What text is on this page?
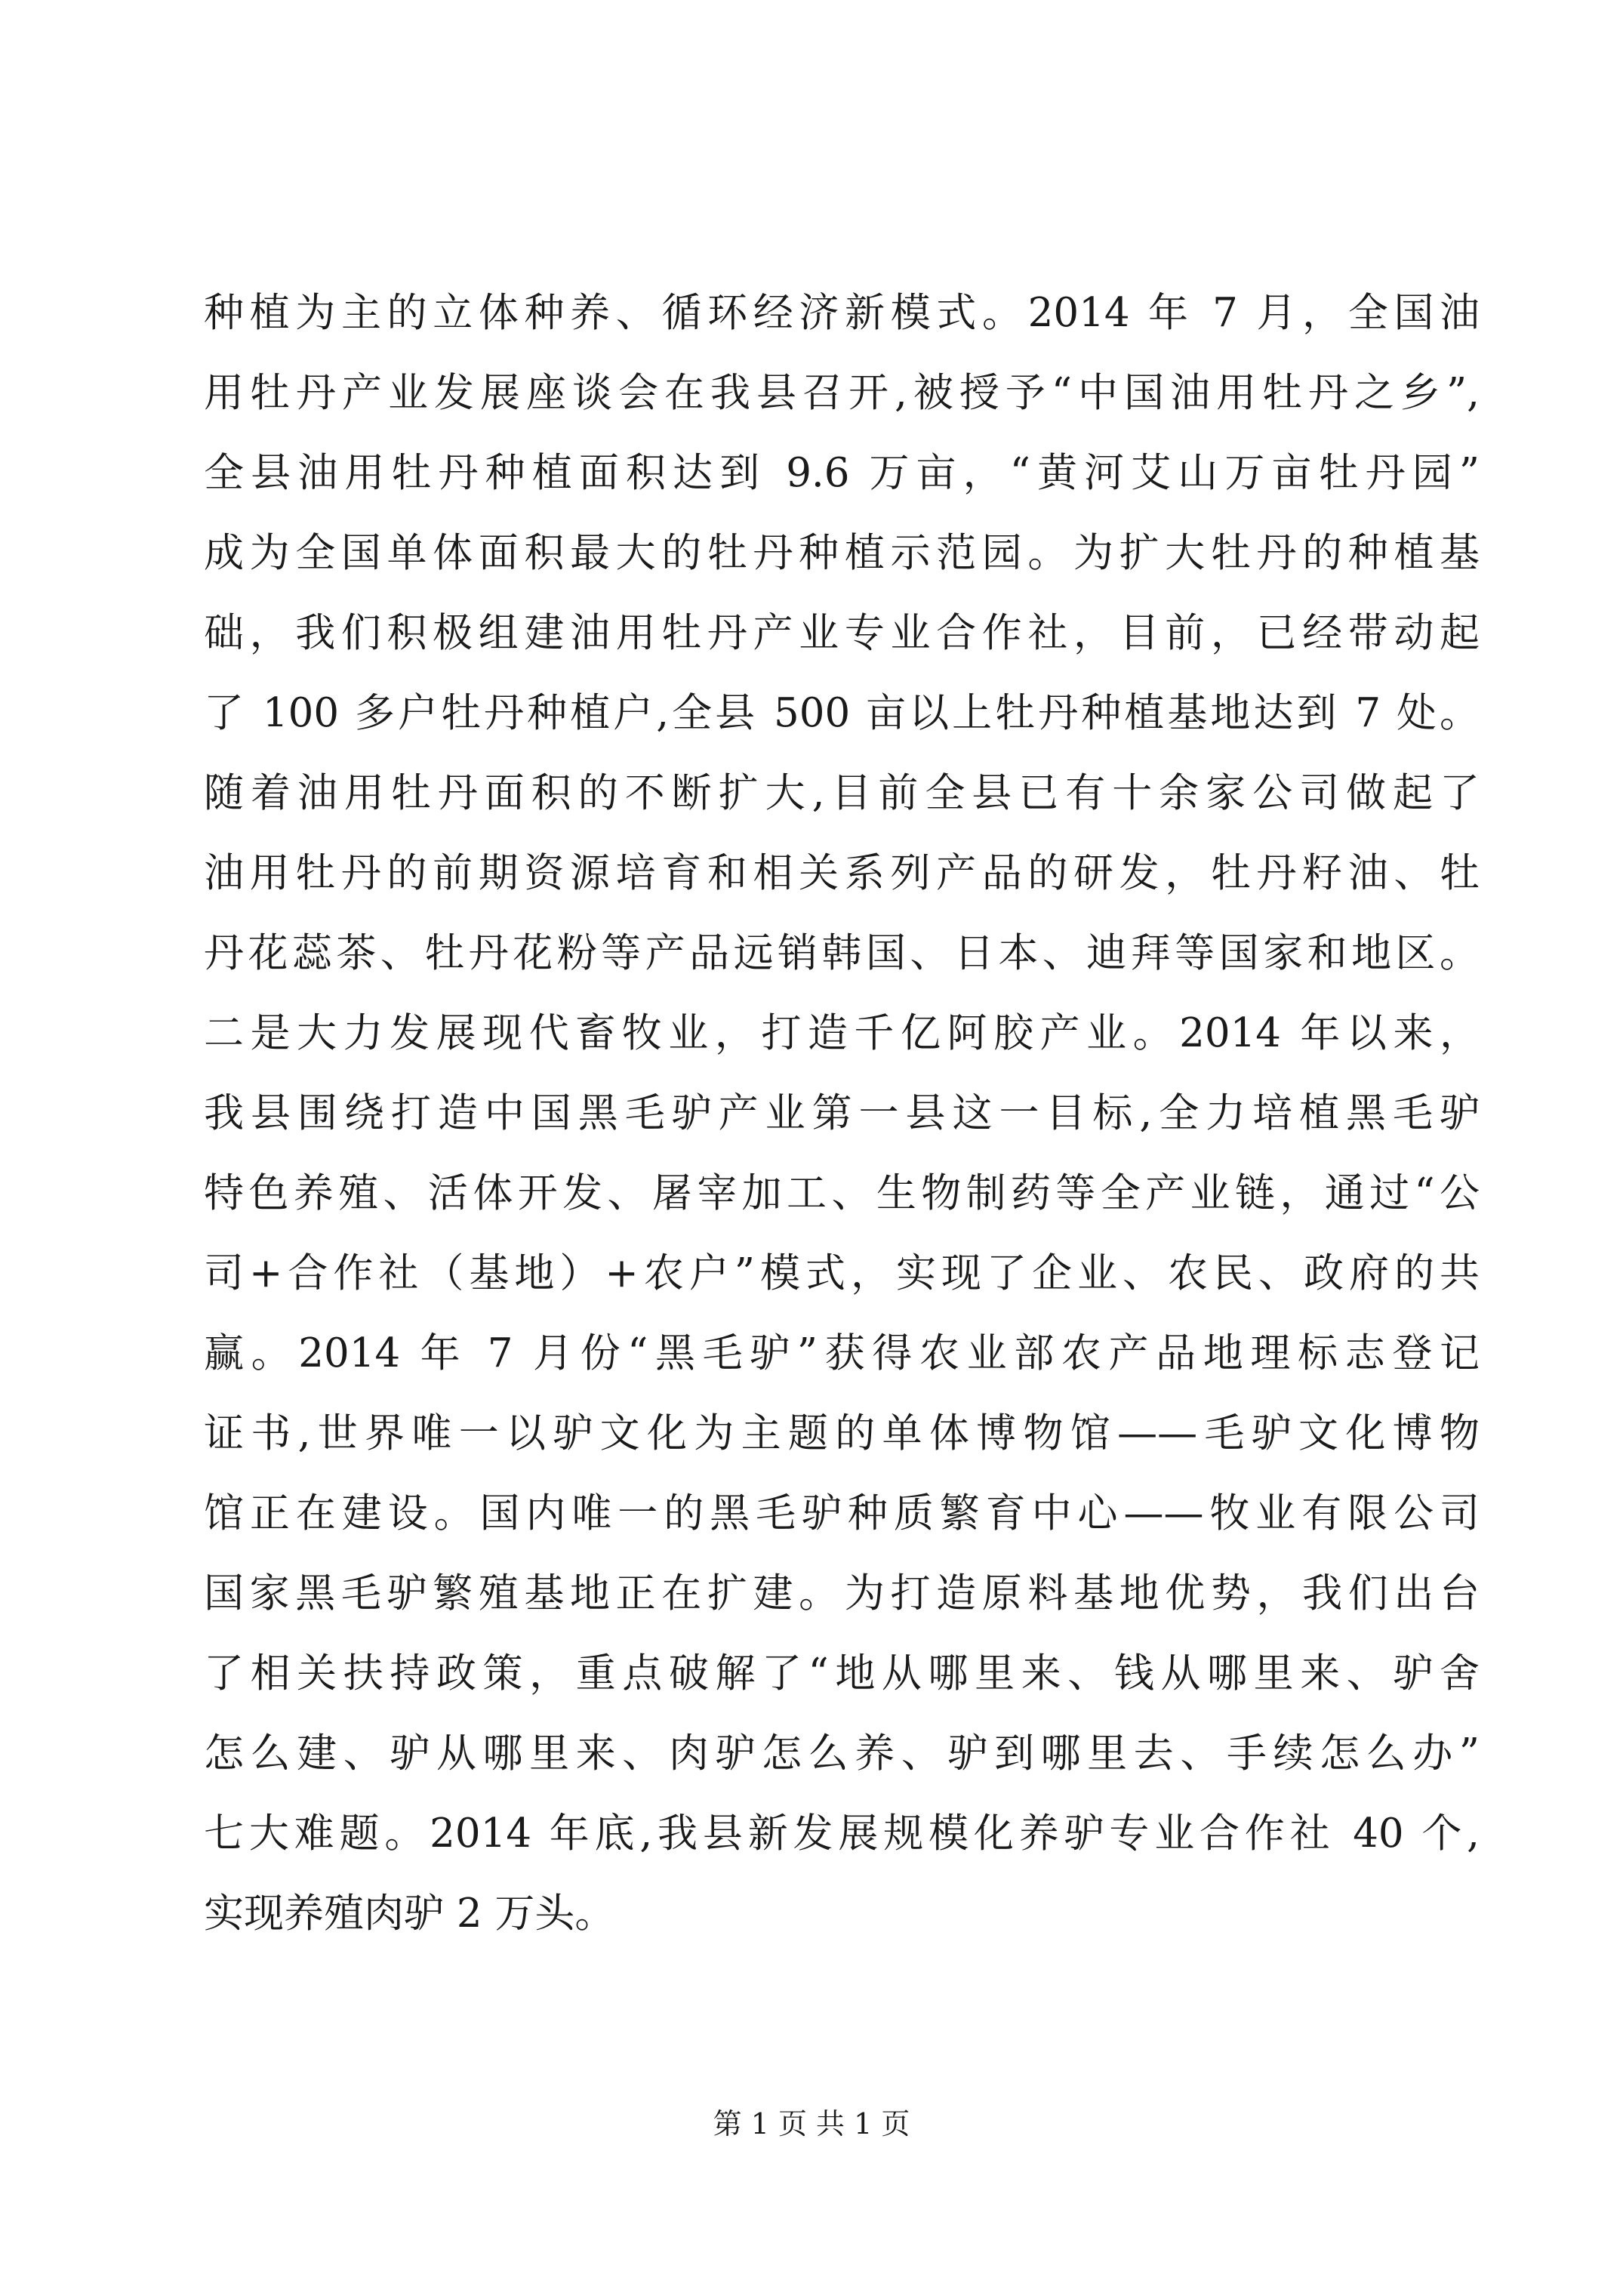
种植为主的立体种养、循环经济新模式。2014 年 7 月，全国油
用牡丹产业发展座谈会在我县召开,被授予“中国油用牡丹之乡”,
全县油用牡丹种植面积达到 9.6 万亩，“黄河艾山万亩牡丹园”
成为全国单体面积最大的牡丹种植示范园。为扩大牡丹的种植基
础，我们积极组建油用牡丹产业专业合作社，目前，已经带动起
了 100 多户牡丹种植户,全县 500 亩以上牡丹种植基地达到 7 处。
随着油用牡丹面积的不断扩大,目前全县已有十余家公司做起了
油用牡丹的前期资源培育和相关系列产品的研发，牡丹籽油、牡
丹花蕊茶、牡丹花粉等产品远销韩国、日本、迪拜等国家和地区。
二是大力发展现代畜牧业，打造千亿阿胶产业。2014 年以来，
我县围绕打造中国黑毛驴产业第一县这一目标,全力培植黑毛驴
特色养殖、活体开发、屠宰加工、生物制药等全产业链，通过“公
司+合作社（基地）+农户”模式，实现了企业、农民、政府的共
赢。2014 年 7 月份“黑毛驴”获得农业部农产品地理标志登记
证书,世界唯一以驴文化为主题的单体博物馆——毛驴文化博物
馆正在建设。国内唯一的黑毛驴种质繁育中心——牧业有限公司
国家黑毛驴繁殖基地正在扩建。为打造原料基地优势，我们出台
了相关扶持政策，重点破解了“地从哪里来、钱从哪里来、驴舍
怎么建、驴从哪里来、肉驴怎么养、驴到哪里去、手续怎么办”
七大难题。2014 年底,我县新发展规模化养驴专业合作社 40 个,
实现养殖肉驴 2 万头。
第 1 页 共 1 页
